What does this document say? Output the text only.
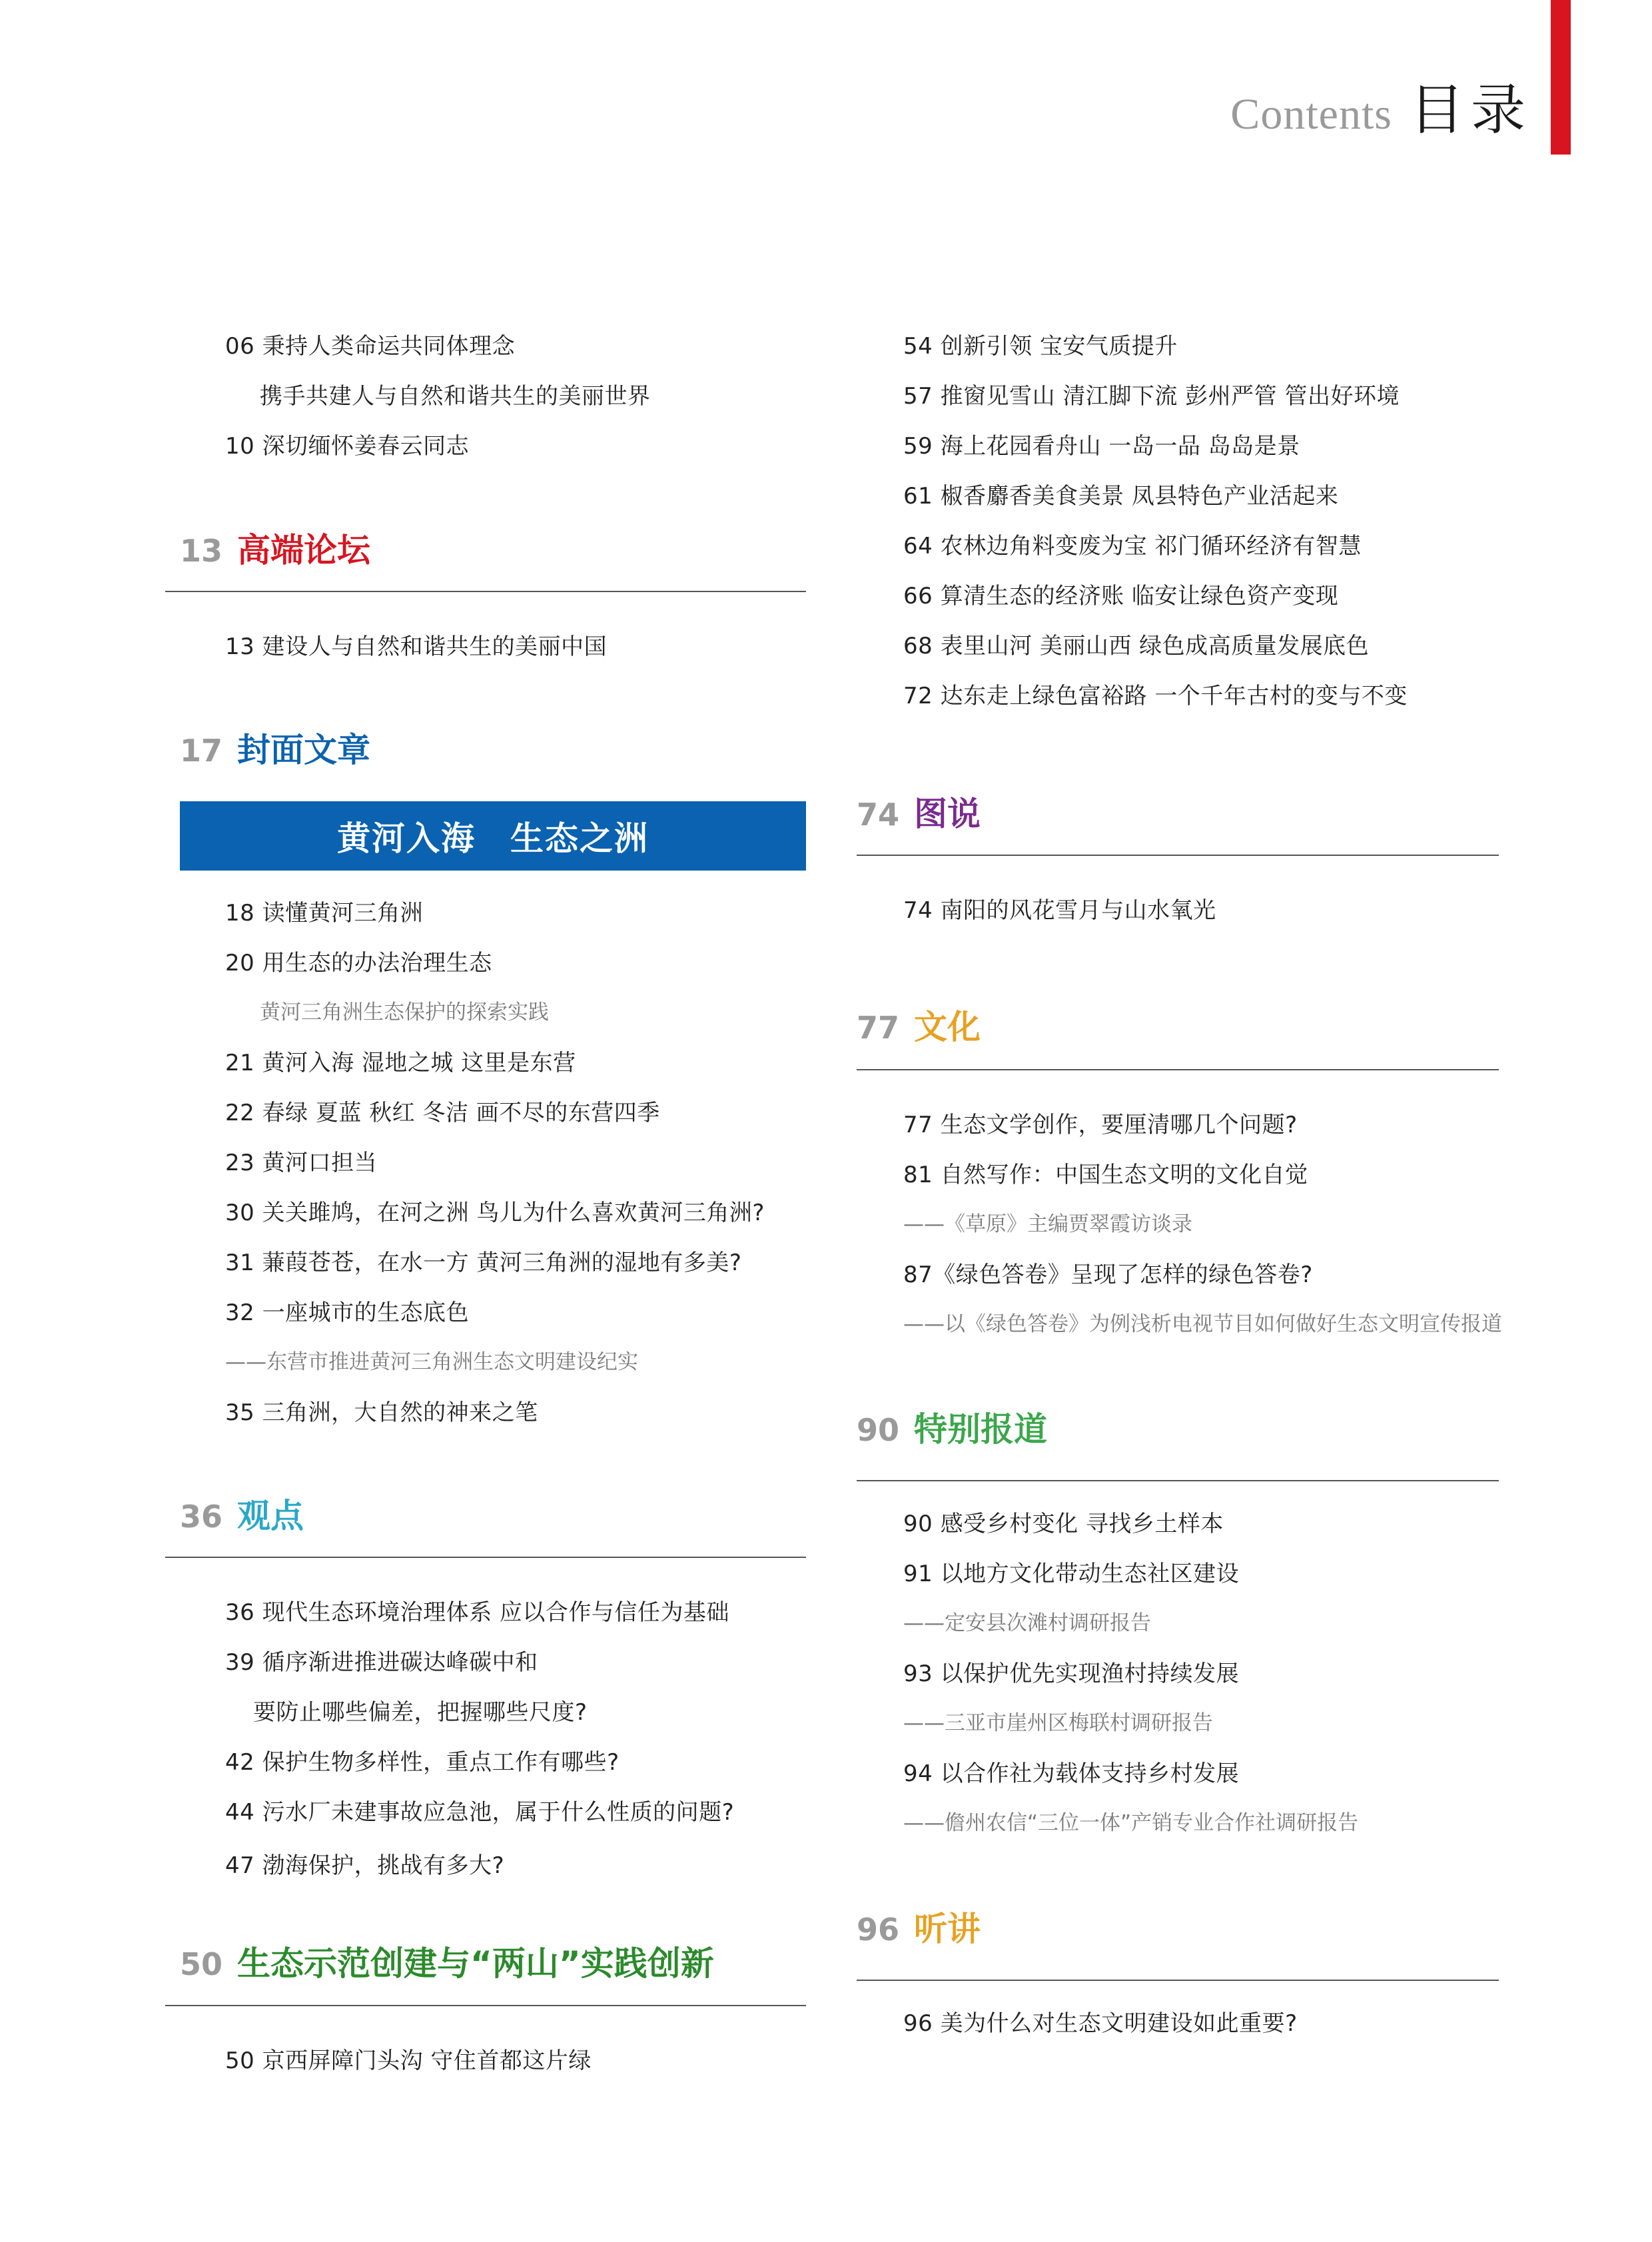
Contents 目录
06 秉持人类命运共同体理念
携手共建人与自然和谐共生的美丽世界
10 深切缅怀姜春云同志
13 高端论坛
13 建设人与自然和谐共生的美丽中国
17 封面文章
黄河入海　生态之洲
18 读懂黄河三角洲
20 用生态的办法治理生态
黄河三角洲生态保护的探索实践
21 黄河入海 湿地之城 这里是东营
22 春绿 夏蓝 秋红 冬洁 画不尽的东营四季
23 黄河口担当
30 关关雎鸠，在河之洲 鸟儿为什么喜欢黄河三角洲?
31 蒹葭苍苍，在水一方 黄河三角洲的湿地有多美?
32 一座城市的生态底色
——东营市推进黄河三角洲生态文明建设纪实
35 三角洲，大自然的神来之笔
36 观点
36 现代生态环境治理体系 应以合作与信任为基础
39 循序渐进推进碳达峰碳中和
要防止哪些偏差，把握哪些尺度?
42 保护生物多样性，重点工作有哪些?
44 污水厂未建事故应急池，属于什么性质的问题?
47 渤海保护，挑战有多大?
50 生态示范创建与“两山”实践创新
50 京西屏障门头沟 守住首都这片绿
54 创新引领 宝安气质提升
57 推窗见雪山 清江脚下流 彭州严管 管出好环境
59 海上花园看舟山 一岛一品 岛岛是景
61 椒香麝香美食美景 凤县特色产业活起来
64 农林边角料变废为宝 祁门循环经济有智慧
66 算清生态的经济账 临安让绿色资产变现
68 表里山河 美丽山西 绿色成高质量发展底色
72 达东走上绿色富裕路 一个千年古村的变与不变
74 图说
74 南阳的风花雪月与山水氧光
77 文化
77 生态文学创作，要厘清哪几个问题?
81 自然写作：中国生态文明的文化自觉
——《草原》主编贾翠霞访谈录
87《绿色答卷》呈现了怎样的绿色答卷?
——以《绿色答卷》为例浅析电视节目如何做好生态文明宣传报道
90 特别报道
90 感受乡村变化 寻找乡土样本
91 以地方文化带动生态社区建设
——定安县次滩村调研报告
93 以保护优先实现渔村持续发展
——三亚市崖州区梅联村调研报告
94 以合作社为载体支持乡村发展
——儋州农信“三位一体”产销专业合作社调研报告
96 听讲
96 美为什么对生态文明建设如此重要?
